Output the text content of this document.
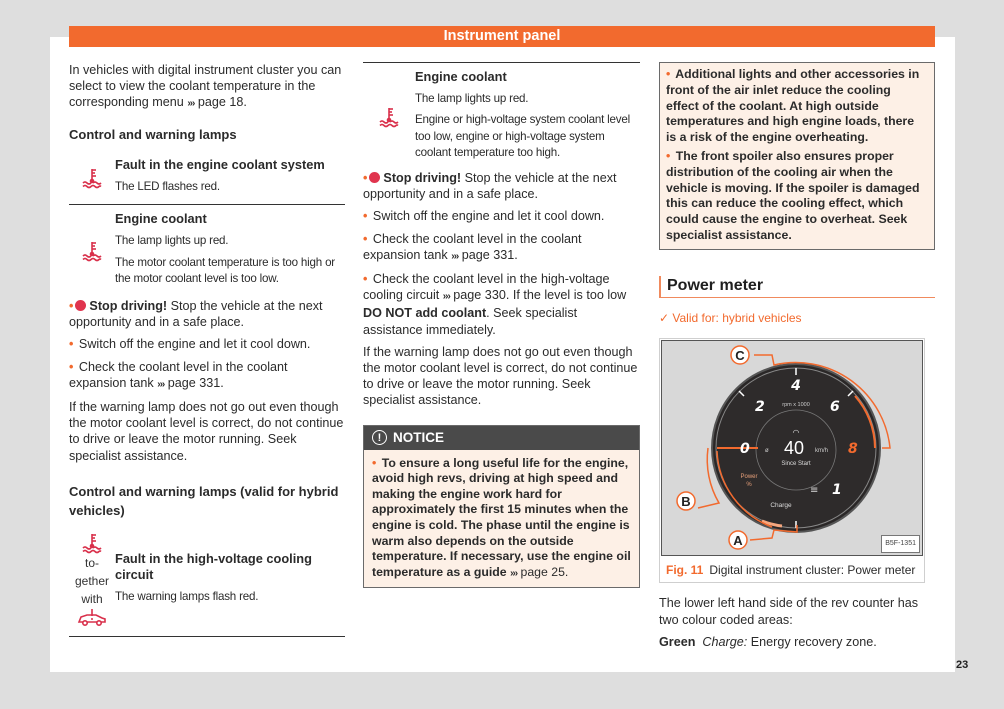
Instrument panel

In vehicles with digital instrument cluster you can select to view the coolant temperature in the corresponding menu ››› page 18.

Control and warning lamps
Fault in the engine coolant system
The LED flashes red.
Engine coolant
The lamp lights up red.
The motor coolant temperature is too high or the motor coolant level is too low.

• Stop driving! Stop the vehicle at the next opportunity and in a safe place.

• Switch off the engine and let it cool down.

• Check the coolant level in the coolant expansion tank ››› page 331.

If the warning lamp does not go out even though the motor coolant level is correct, do not continue to drive or leave the motor running. Seek specialist assistance.

Control and warning lamps (valid for hybrid vehicles)
to-gether with
Fault in the high-voltage cooling circuit
The warning lamps flash red.
Engine coolant
The lamp lights up red.
Engine or high-voltage system coolant level too low, engine or high-voltage system coolant temperature too high.

• Stop driving! Stop the vehicle at the next opportunity and in a safe place.

• Switch off the engine and let it cool down.

• Check the coolant level in the coolant expansion tank ››› page 331.

• Check the coolant level in the high-voltage cooling circuit ››› page 330. If the level is too low DO NOT add coolant. Seek specialist assistance immediately.

If the warning lamp does not go out even though the motor coolant level is correct, do not continue to drive or leave the motor running. Seek specialist assistance.

! NOTICE
• To ensure a long useful life for the engine, avoid high revs, driving at high speed and making the engine work hard for approximately the first 15 minutes when the engine is cold. The phase until the engine is warm also depends on the outside temperature. If necessary, use the engine oil temperature as a guide ››› page 25.

• Additional lights and other accessories in front of the air inlet reduce the cooling effect of the coolant. At high outside temperatures and high engine loads, there is a risk of the engine overheating.

• The front spoiler also ensures proper distribution of the cooling air when the vehicle is moving. If the spoiler is damaged this can reduce the cooling effect, which could cause the engine to overheat. Seek specialist assistance.

Power meter
✓ Valid for: hybrid vehicles
C
B
A
0
2
4
6
8
1
rpm x 1000
◠
ø 40 km/h
Since Start
≡
Power
%
Charge
B5F-1351
Fig. 11 Digital instrument cluster: Power meter

The lower left hand side of the rev counter has two colour coded areas:

Green Charge: Energy recovery zone.

23
